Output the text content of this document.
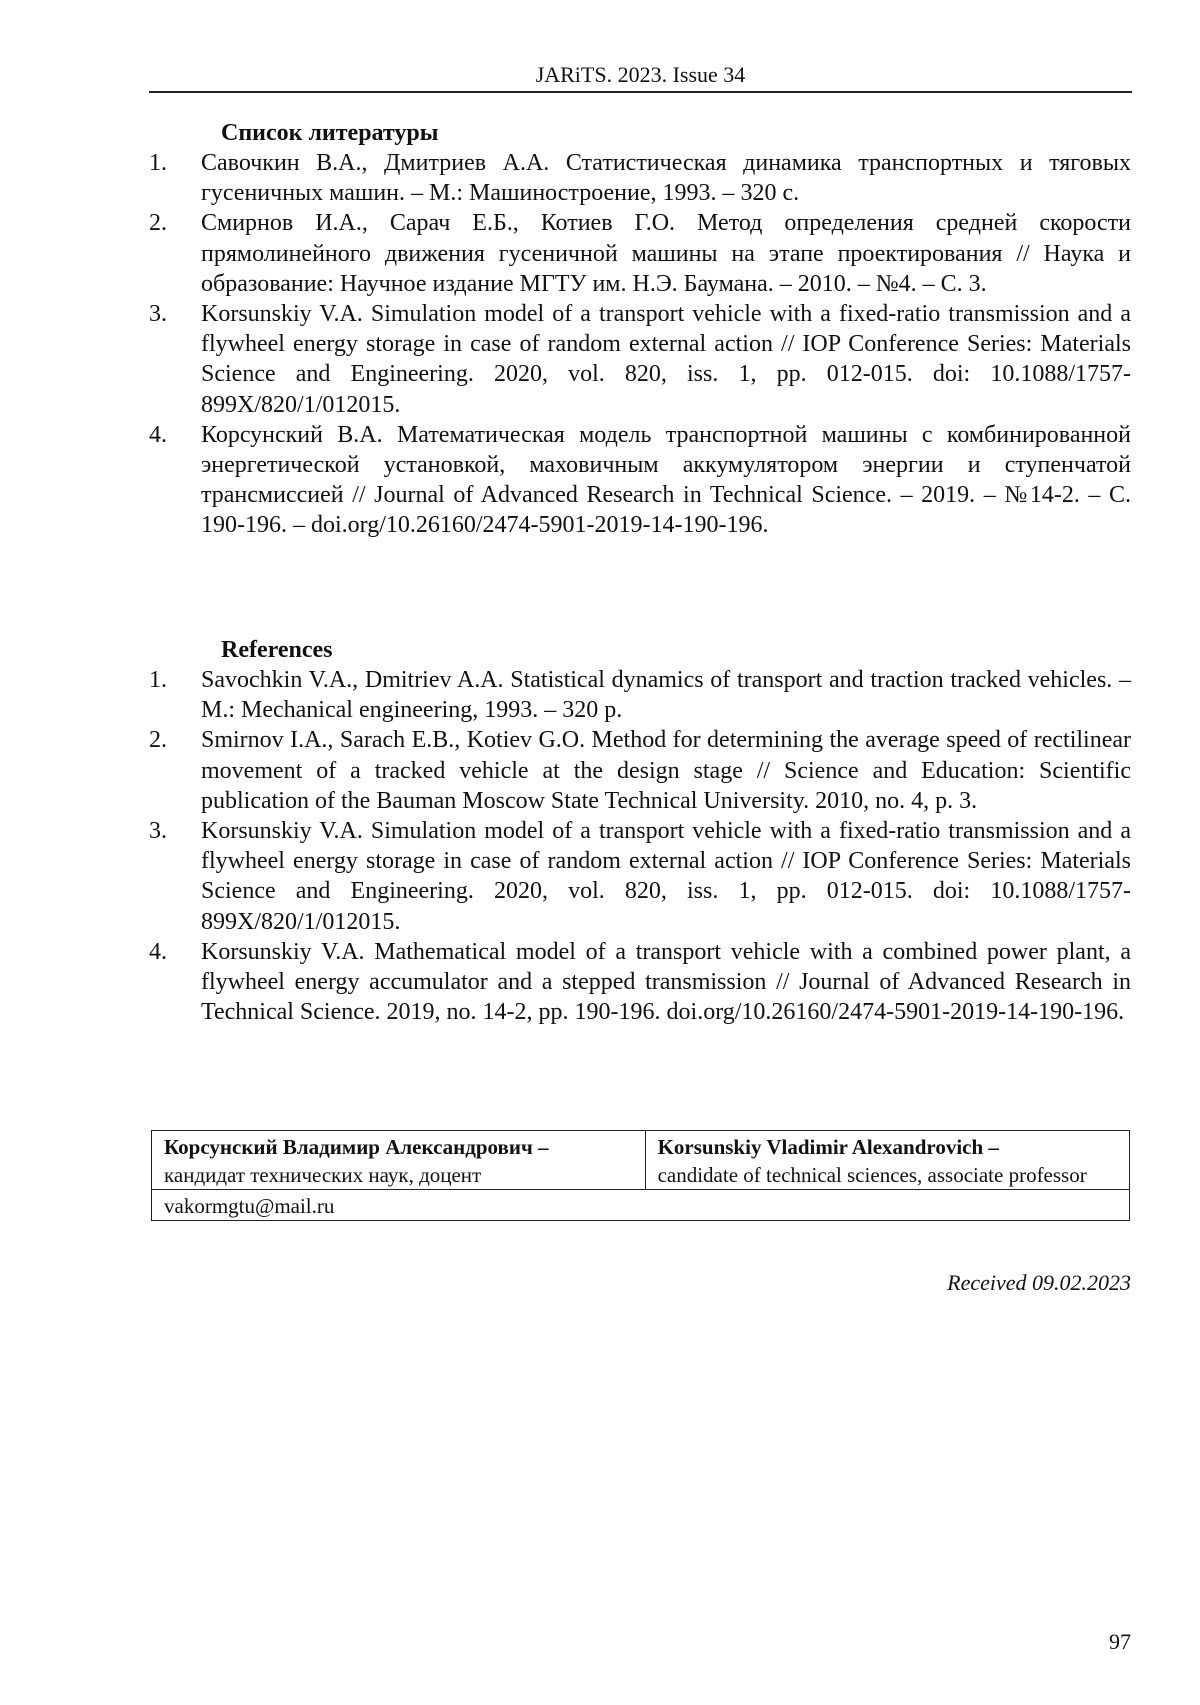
JARiTS. 2023. Issue 34
Список литературы
1.	Савочкин В.А., Дмитриев А.А. Статистическая динамика транспортных и тяговых гусеничных машин. – М.: Машиностроение, 1993. – 320 с.
2.	Смирнов И.А., Сарач Е.Б., Котиев Г.О. Метод определения средней скорости прямолинейного движения гусеничной машины на этапе проектирования // Наука и образование: Научное издание МГТУ им. Н.Э. Баумана. – 2010. – №4. – С. 3.
3.	Korsunskiy V.A. Simulation model of a transport vehicle with a fixed-ratio transmission and a flywheel energy storage in case of random external action // IOP Conference Series: Materials Science and Engineering. 2020, vol. 820, iss. 1, pp. 012-015. doi: 10.1088/1757-899X/820/1/012015.
4.	Корсунский В.А. Математическая модель транспортной машины с комбинированной энергетической установкой, маховичным аккумулятором энергии и ступенчатой трансмиссией // Journal of Advanced Research in Technical Science. – 2019. – №14-2. – С. 190-196. – doi.org/10.26160/2474-5901-2019-14-190-196.
References
1.	Savochkin V.A., Dmitriev A.A. Statistical dynamics of transport and traction tracked vehicles. – M.: Mechanical engineering, 1993. – 320 p.
2.	Smirnov I.A., Sarach E.B., Kotiev G.O. Method for determining the average speed of rectilinear movement of a tracked vehicle at the design stage // Science and Education: Scientific publication of the Bauman Moscow State Technical University. 2010, no. 4, p. 3.
3.	Korsunskiy V.A. Simulation model of a transport vehicle with a fixed-ratio transmission and a flywheel energy storage in case of random external action // IOP Conference Series: Materials Science and Engineering. 2020, vol. 820, iss. 1, pp. 012-015. doi: 10.1088/1757-899X/820/1/012015.
4.	Korsunskiy V.A. Mathematical model of a transport vehicle with a combined power plant, a flywheel energy accumulator and a stepped transmission // Journal of Advanced Research in Technical Science. 2019, no. 14-2, pp. 190-196. doi.org/10.26160/2474-5901-2019-14-190-196.
Корсунский Владимир Александрович –
кандидат технических наук, доцент

Korsunskiy Vladimir Alexandrovich –
candidate of technical sciences, associate professor

vakormgtu@mail.ru
Received 09.02.2023
97
